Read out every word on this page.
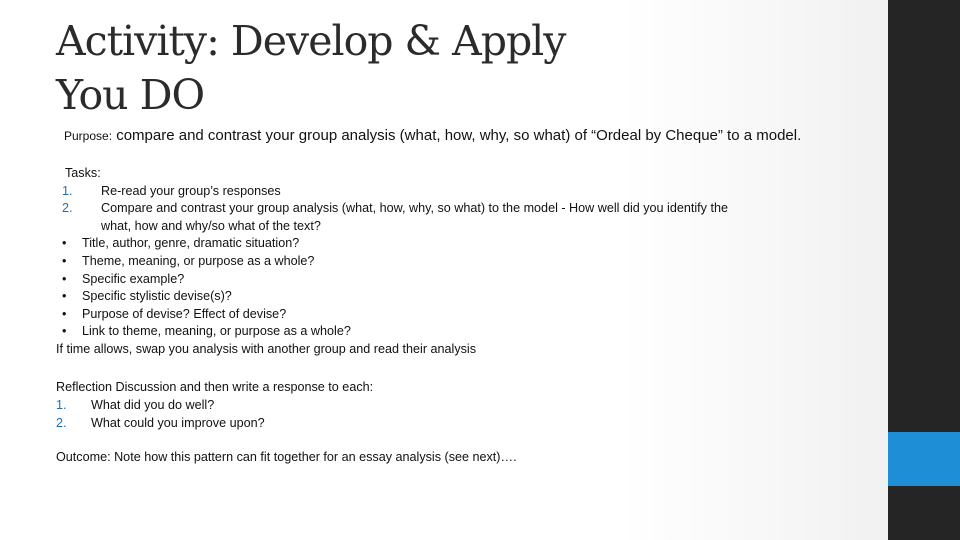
Activity: Develop & Apply
You DO
Purpose: compare and contrast your group analysis (what, how, why, so what) of “Ordeal by Cheque” to a model.
Tasks:
1. Re-read your group’s responses
2. Compare and contrast your group analysis (what, how, why, so what) to the model - How well did you identify the
what, how and why/so what of the text?
• Title, author, genre, dramatic situation?
• Theme, meaning, or purpose as a whole?
• Specific example?
• Specific stylistic devise(s)?
• Purpose of devise? Effect of devise?
• Link to theme, meaning, or purpose as a whole?
If time allows, swap you analysis with another group and read their analysis
Reflection Discussion and then write a response to each:
1. What did you do well?
2. What could you improve upon?
Outcome: Note how this pattern can fit together for an essay analysis (see next)….
